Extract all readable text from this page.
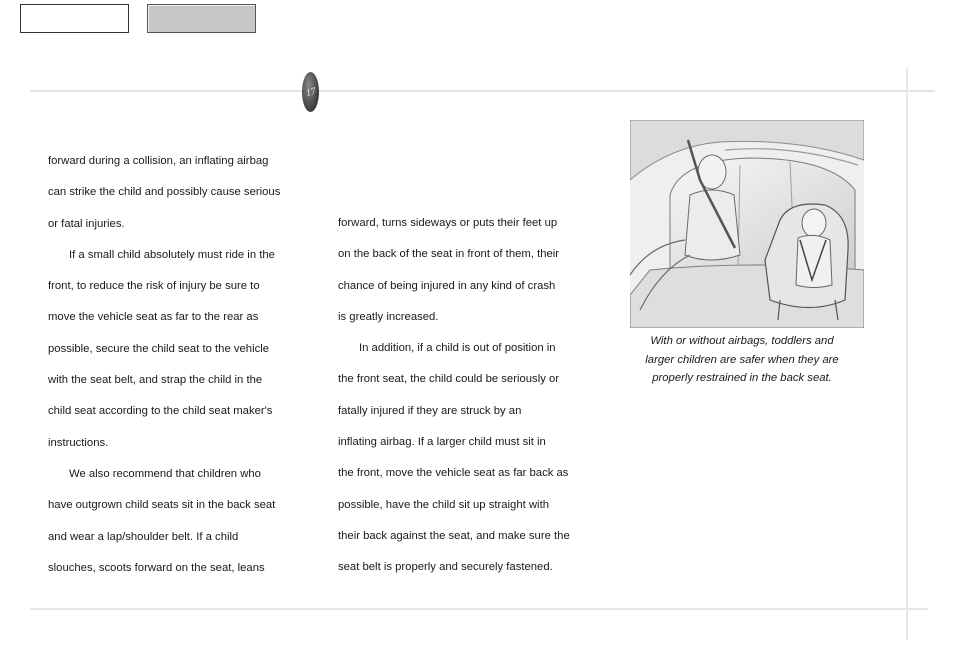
17

forward during a collision, an inflating airbag

can strike the child and possibly cause serious

or fatal injuries.

If a small child absolutely must ride in the

front, to reduce the risk of injury be sure to

move the vehicle seat as far to the rear as

possible, secure the child seat to the vehicle

with the seat belt, and strap the child in the

child seat according to the child seat maker's

instructions.

We also recommend that children who

have outgrown child seats sit in the back seat

and wear a lap/shoulder belt. If a child

slouches, scoots forward on the seat, leans

forward, turns sideways or puts their feet up

on the back of the seat in front of them, their

chance of being injured in any kind of crash

is greatly increased.

In addition, if a child is out of position in

the front seat, the child could be seriously or

fatally injured if they are struck by an

inflating airbag. If a larger child must sit in

the front, move the vehicle seat as far back as

possible, have the child sit up straight with

their back against the seat, and make sure the

seat belt is properly and securely fastened.

With or without airbags, toddlers and
larger children are safer when they are
properly restrained in the back seat.
